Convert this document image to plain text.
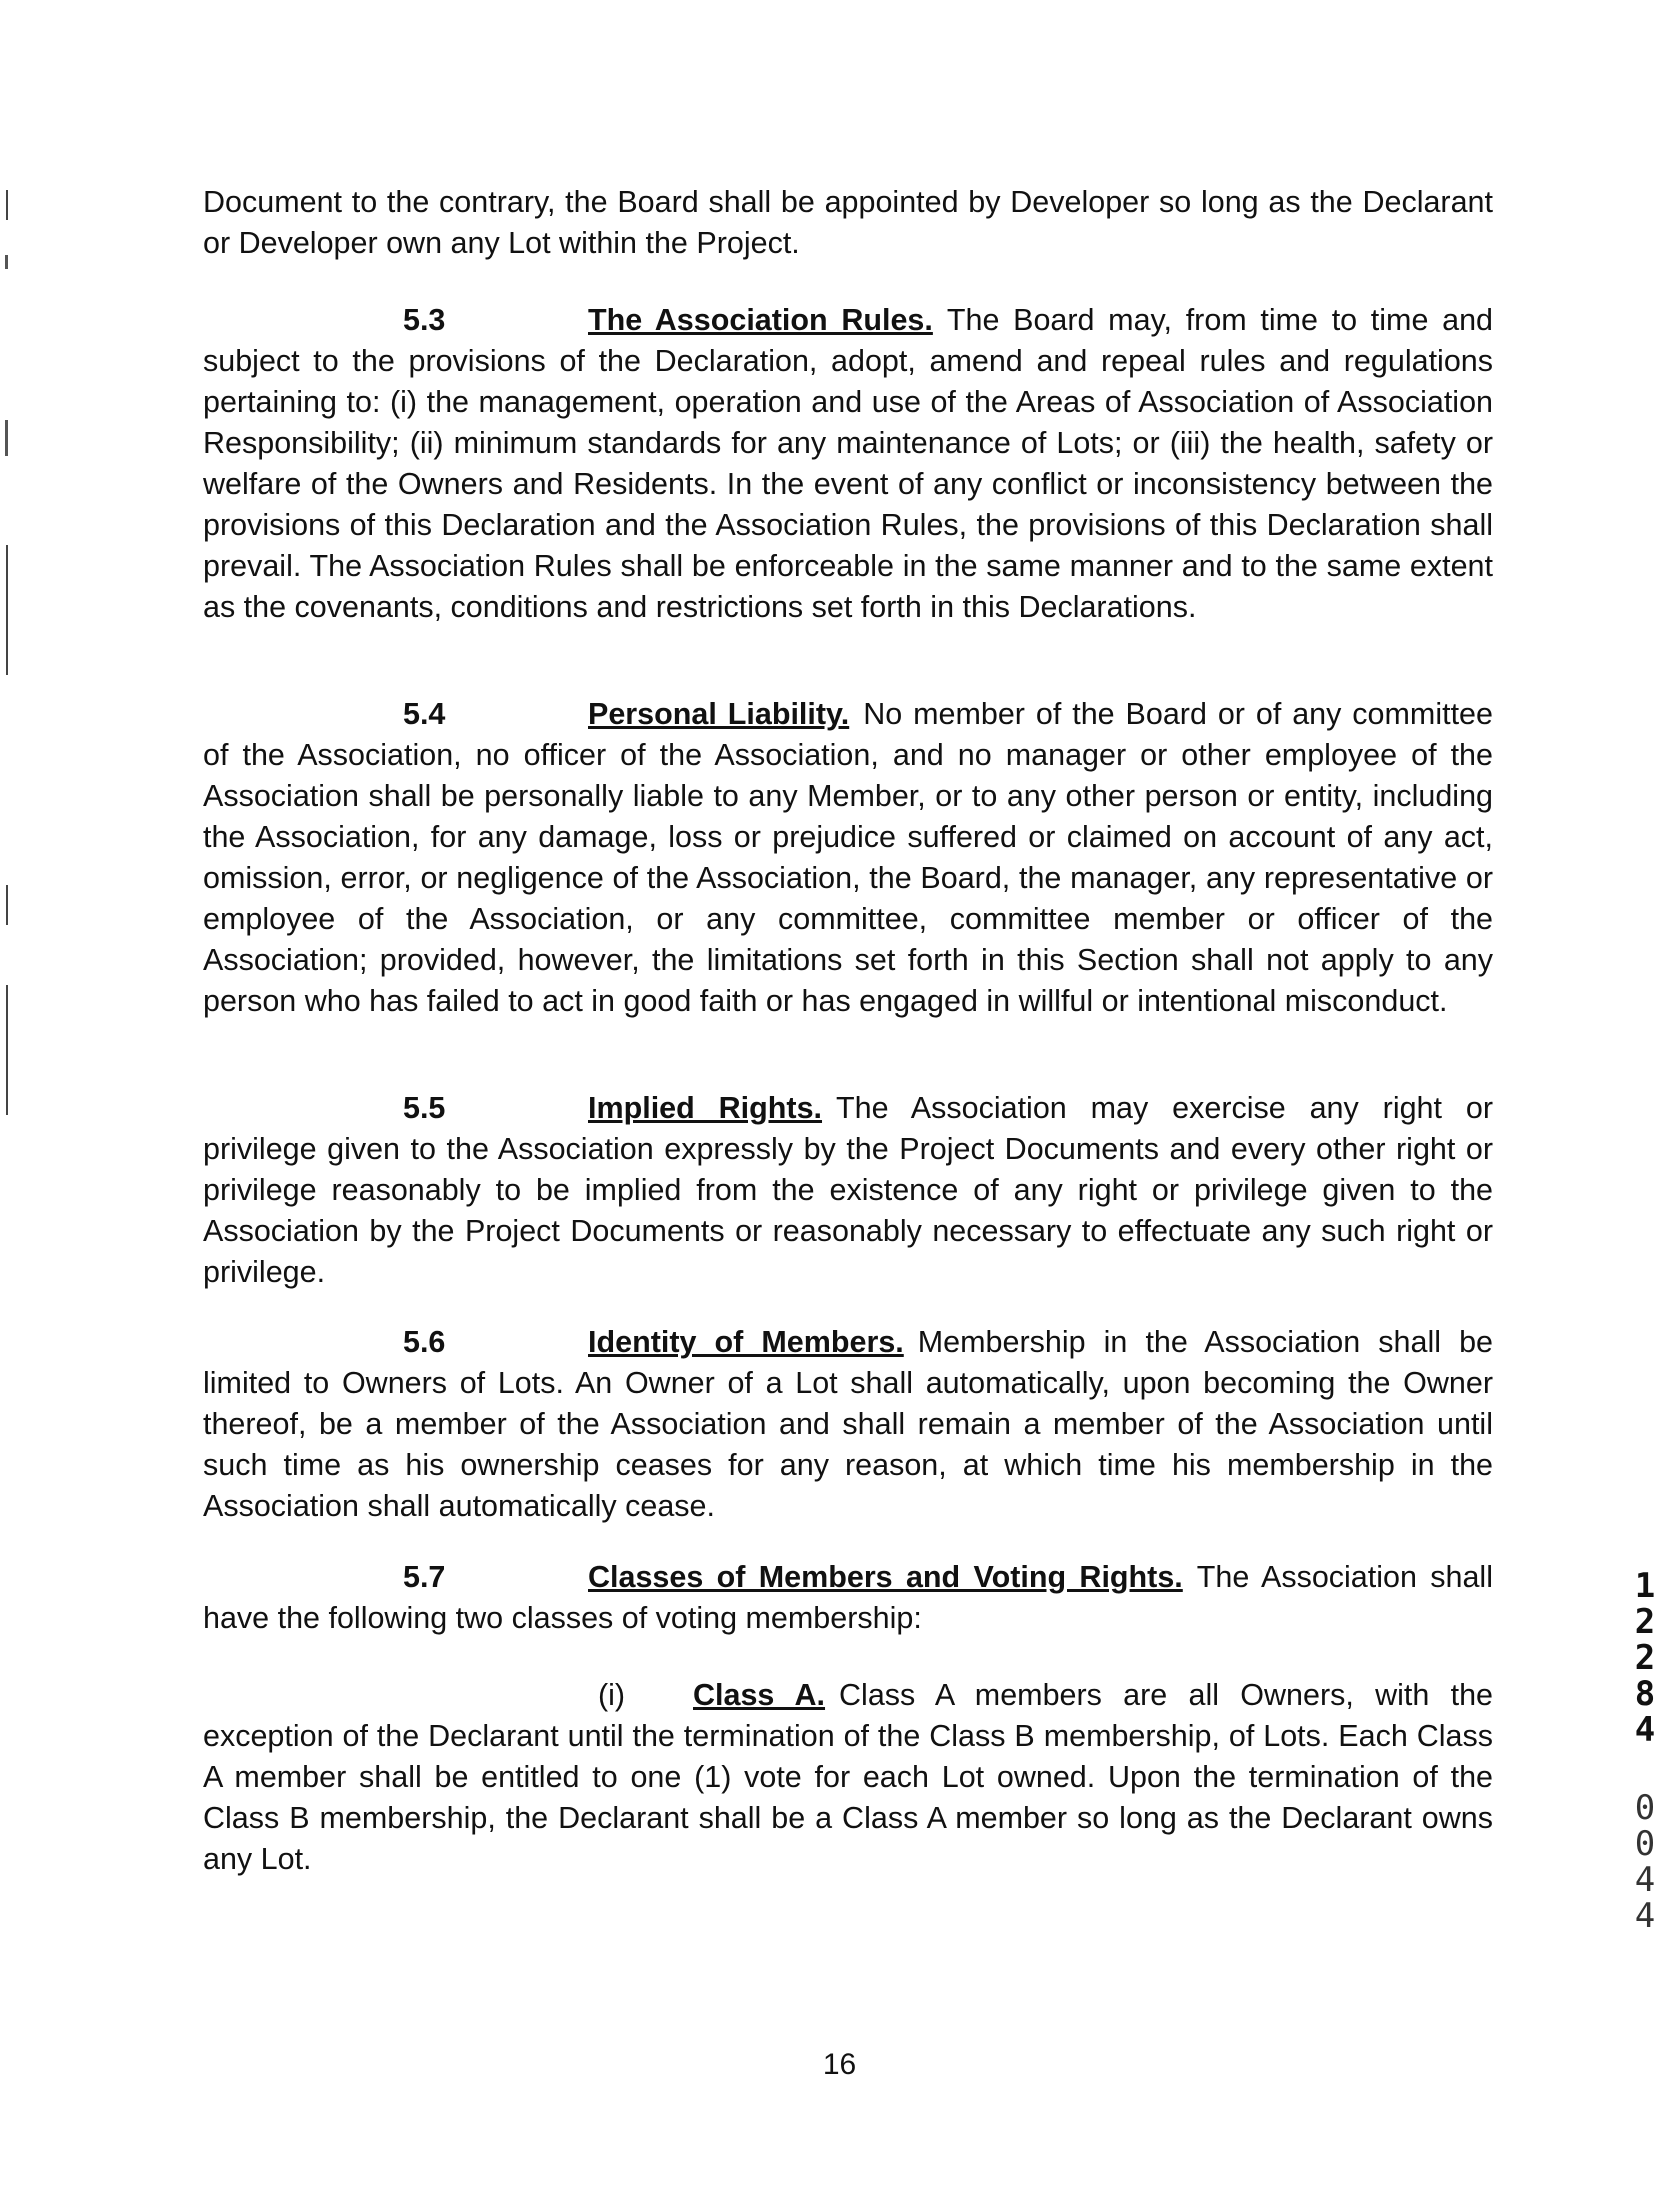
Document to the contrary, the Board shall be appointed by Developer so long as the Declarant or Developer own any Lot within the Project.

5.3	The Association Rules. The Board may, from time to time and subject to the provisions of the Declaration, adopt, amend and repeal rules and regulations pertaining to: (i) the management, operation and use of the Areas of Association of Association Responsibility; (ii) minimum standards for any maintenance of Lots; or (iii) the health, safety or welfare of the Owners and Residents. In the event of any conflict or inconsistency between the provisions of this Declaration and the Association Rules, the provisions of this Declaration shall prevail. The Association Rules shall be enforceable in the same manner and to the same extent as the covenants, conditions and restrictions set forth in this Declarations.

5.4	Personal Liability. No member of the Board or of any committee of the Association, no officer of the Association, and no manager or other employee of the Association shall be personally liable to any Member, or to any other person or entity, including the Association, for any damage, loss or prejudice suffered or claimed on account of any act, omission, error, or negligence of the Association, the Board, the manager, any representative or employee of the Association, or any committee, committee member or officer of the Association; provided, however, the limitations set forth in this Section shall not apply to any person who has failed to act in good faith or has engaged in willful or intentional misconduct.

5.5	Implied Rights. The Association may exercise any right or privilege given to the Association expressly by the Project Documents and every other right or privilege reasonably to be implied from the existence of any right or privilege given to the Association by the Project Documents or reasonably necessary to effectuate any such right or privilege.

5.6	Identity of Members. Membership in the Association shall be limited to Owners of Lots. An Owner of a Lot shall automatically, upon becoming the Owner thereof, be a member of the Association and shall remain a member of the Association until such time as his ownership ceases for any reason, at which time his membership in the Association shall automatically cease.

5.7	Classes of Members and Voting Rights. The Association shall have the following two classes of voting membership:

(i) Class A. Class A members are all Owners, with the exception of the Declarant until the termination of the Class B membership, of Lots. Each Class A member shall be entitled to one (1) vote for each Lot owned. Upon the termination of the Class B membership, the Declarant shall be a Class A member so long as the Declarant owns any Lot.

16
1
2
2
8
4
0
0
4
4
